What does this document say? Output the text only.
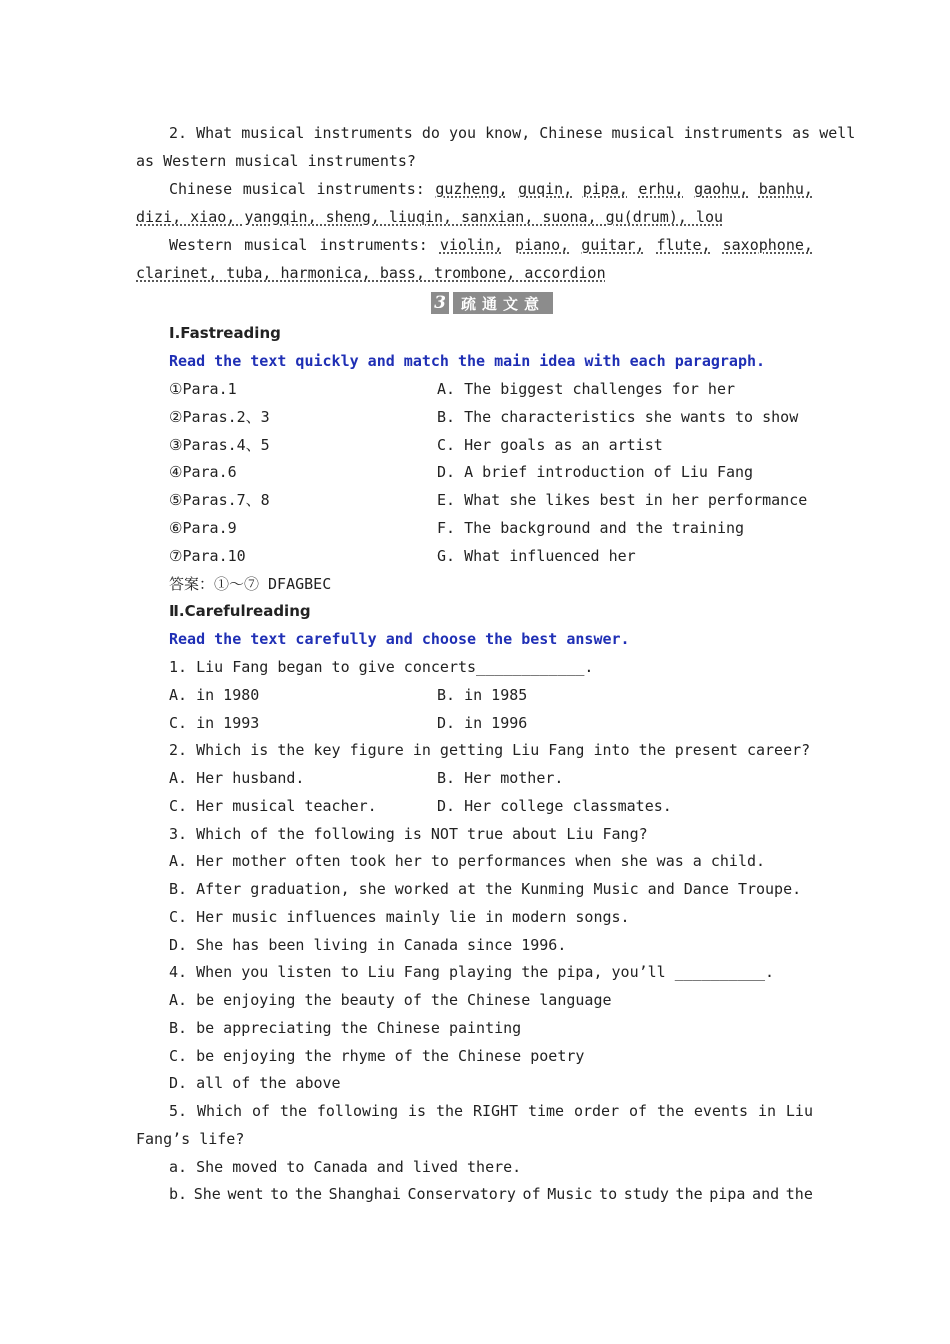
2. What musical instruments do you know, Chinese musical instruments as well
as Western musical instruments?
Chinese musical instruments: guzheng, guqin, pipa, erhu, gaohu, banhu,
dizi, xiao, yangqin, sheng, liuqin, sanxian, suona, gu(drum), lou
Western musical instruments: violin, piano, guitar, flute, saxophone,
clarinet, tuba, harmonica, bass, trombone, accordion
3	疏通文意
Ⅰ.Fastreading
Read the text quickly and match the main idea with each paragraph.
①Para.1	A. The biggest challenges for her
②Paras.2、3	B. The characteristics she wants to show
③Paras.4、5	C. Her goals as an artist
④Para.6	D. A brief introduction of Liu Fang
⑤Paras.7、8	E. What she likes best in her performance
⑥Para.9	F. The background and the training
⑦Para.10	G. What influenced her
答案：①～⑦ DFAGBEC
Ⅱ.Carefulreading
Read the text carefully and choose the best answer.
1. Liu Fang began to give concerts____________.
A. in 1980	B. in 1985
C. in 1993	D. in 1996
2. Which is the key figure in getting Liu Fang into the present career?
A. Her husband.	B. Her mother.
C. Her musical teacher.	D. Her college classmates.
3. Which of the following is NOT true about Liu Fang?
A. Her mother often took her to performances when she was a child.
B. After graduation, she worked at the Kunming Music and Dance Troupe.
C. Her music influences mainly lie in modern songs.
D. She has been living in Canada since 1996.
4. When you listen to Liu Fang playing the pipa, you’ll __________.
A. be enjoying the beauty of the Chinese language
B. be appreciating the Chinese painting
C. be enjoying the rhyme of the Chinese poetry
D. all of the above
5. Which of the following is the RIGHT time order of the events in Liu
Fang’s life?
a. She moved to Canada and lived there.
b. She went to the Shanghai Conservatory of Music to study the pipa and the
